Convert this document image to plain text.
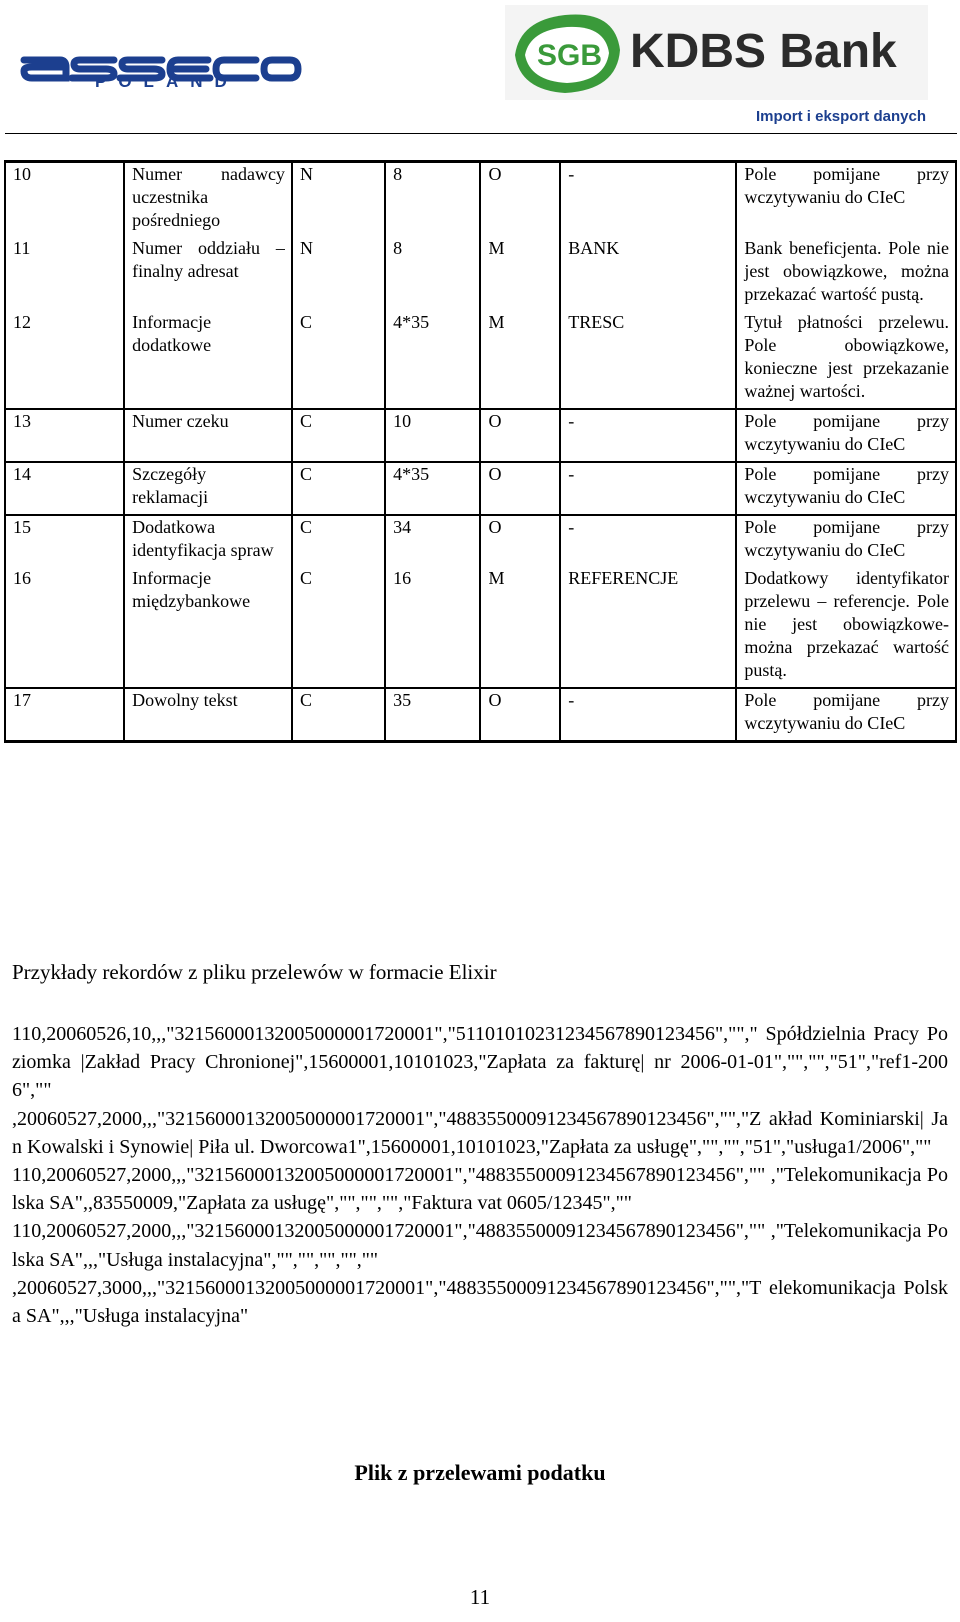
POLAND
SGB KDBS Bank
Import i eksport danych
10	Numer nadawcy uczestnika pośredniego	N	8	O	-	Pole pomijane przy wczytywaniu do CIeC
11	Numer oddziału – finalny adresat	N	8	M	BANK	Bank beneficjenta. Pole nie jest obowiązkowe, można przekazać wartość pustą.
12	Informacje dodatkowe	C	4*35	M	TRESC	Tytuł płatności przelewu. Pole obowiązkowe, konieczne jest przekazanie ważnej wartości.
13	Numer czeku	C	10	O	-	Pole pomijane przy wczytywaniu do CIeC
14	Szczegóły reklamacji	C	4*35	O	-	Pole pomijane przy wczytywaniu do CIeC
15	Dodatkowa identyfikacja spraw	C	34	O	-	Pole pomijane przy wczytywaniu do CIeC
16	Informacje międzybankowe	C	16	M	REFERENCJE	Dodatkowy identyfikator przelewu – referencje. Pole nie jest obowiązkowe- można przekazać wartość pustą.
17	Dowolny tekst	C	35	O	-	Pole pomijane przy wczytywaniu do CIeC
Przykłady rekordów z pliku przelewów w formacie Elixir
110,20060526,10,,,"32156000132005000001720001","51101010231234567890123456",""," Spółdzielnia Pracy Poziomka |Zakład Pracy Chronionej",15600001,10101023,"Zapłata za fakturę| nr 2006-01-01","","","51","ref1-2006",""
,20060527,2000,,,"32156000132005000001720001","48835500091234567890123456","","Z akład Kominiarski| Jan Kowalski i Synowie| Piła ul. Dworcowa1",15600001,10101023,"Zapłata za usługę","","","51","usługa1/2006",""
110,20060527,2000,,,"32156000132005000001720001","48835500091234567890123456","" ,"Telekomunikacja Polska SA",,83550009,"Zapłata za usługę","","","","Faktura vat 0605/12345",""
110,20060527,2000,,,"32156000132005000001720001","48835500091234567890123456","" ,"Telekomunikacja Polska SA",,,"Usługa instalacyjna","","","","",""
,20060527,3000,,,"32156000132005000001720001","48835500091234567890123456","","T elekomunikacja Polska SA",,,"Usługa instalacyjna"
Plik z przelewami podatku
11
